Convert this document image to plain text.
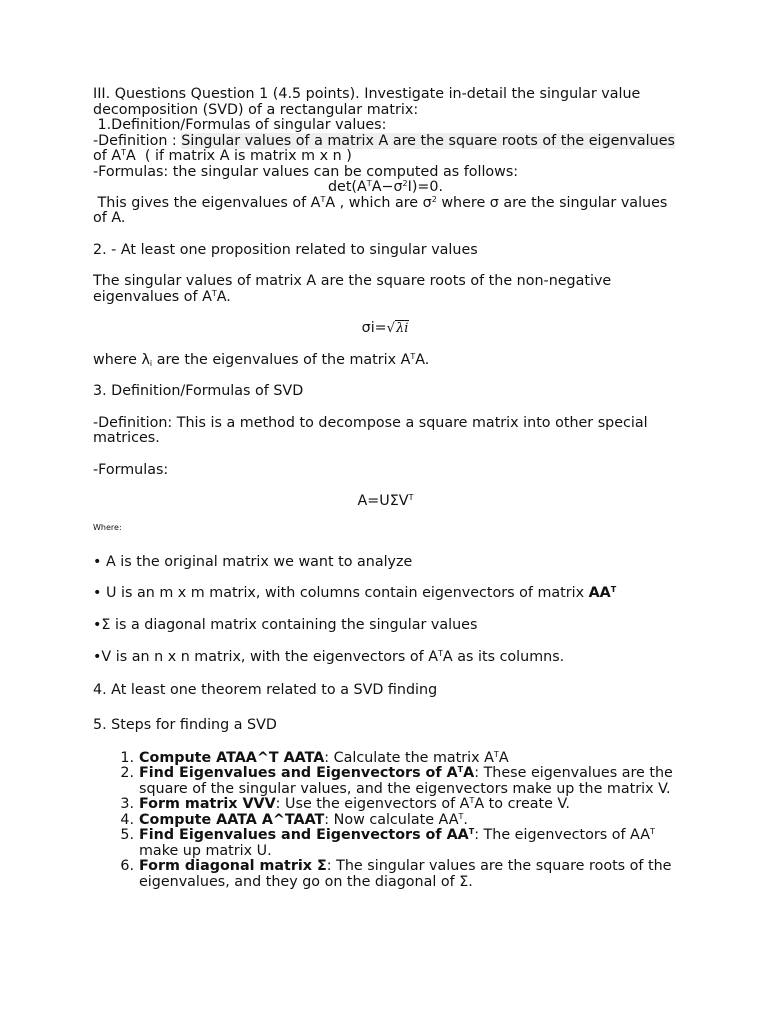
III. Questions Question 1 (4.5 points). Investigate in-detail the singular value
decomposition (SVD) of a rectangular matrix:

1.Definition/Formulas of singular values:

-Definition : Singular values of a matrix A are the square roots of the eigenvalues
of $A^TA$  ( if matrix A is matrix m x n )

-Formulas: the singular values can be computed as follows:

$\det(A^TA-\sigma^2I)=0$.

This gives the eigenvalues of $A^TA$ , which are $\sigma^2$ where σ are the singular values
of A.

2. - At least one proposition related to singular values

The singular values of matrix A are the square roots of the non-negative
eigenvalues of $A^TA$.

σi=√λi

where $\lambda_i$ are the eigenvalues of the matrix $A^TA$.

3. Definition/Formulas of SVD

-Definition: This is a method to decompose a square matrix into other special
matrices.

-Formulas:

$A=U\Sigma V^T$

Where:

• A is the original matrix we want to analyze

• U is an m x m matrix, with columns contain eigenvectors of matrix $AA^T$

•Σ is a diagonal matrix containing the singular values

•V is an n x n matrix, with the eigenvectors of $A^TA$ as its columns.

4. At least one theorem related to a SVD finding

5. Steps for finding a SVD

1. Compute ATAA^T AATA: Calculate the matrix $A^TA$
2. Find Eigenvalues and Eigenvectors of $A^TA$: These eigenvalues are the
square of the singular values, and the eigenvectors make up the matrix V.
3. Form matrix VVV: Use the eigenvectors of $A^TA$ to create V.
4. Compute AATA A^TAAT: Now calculate $AA^T$.
5. Find Eigenvalues and Eigenvectors of $AA^T$: The eigenvectors of $AA^T$
make up matrix U.
6. Form diagonal matrix Σ: The singular values are the square roots of the
eigenvalues, and they go on the diagonal of Σ.
